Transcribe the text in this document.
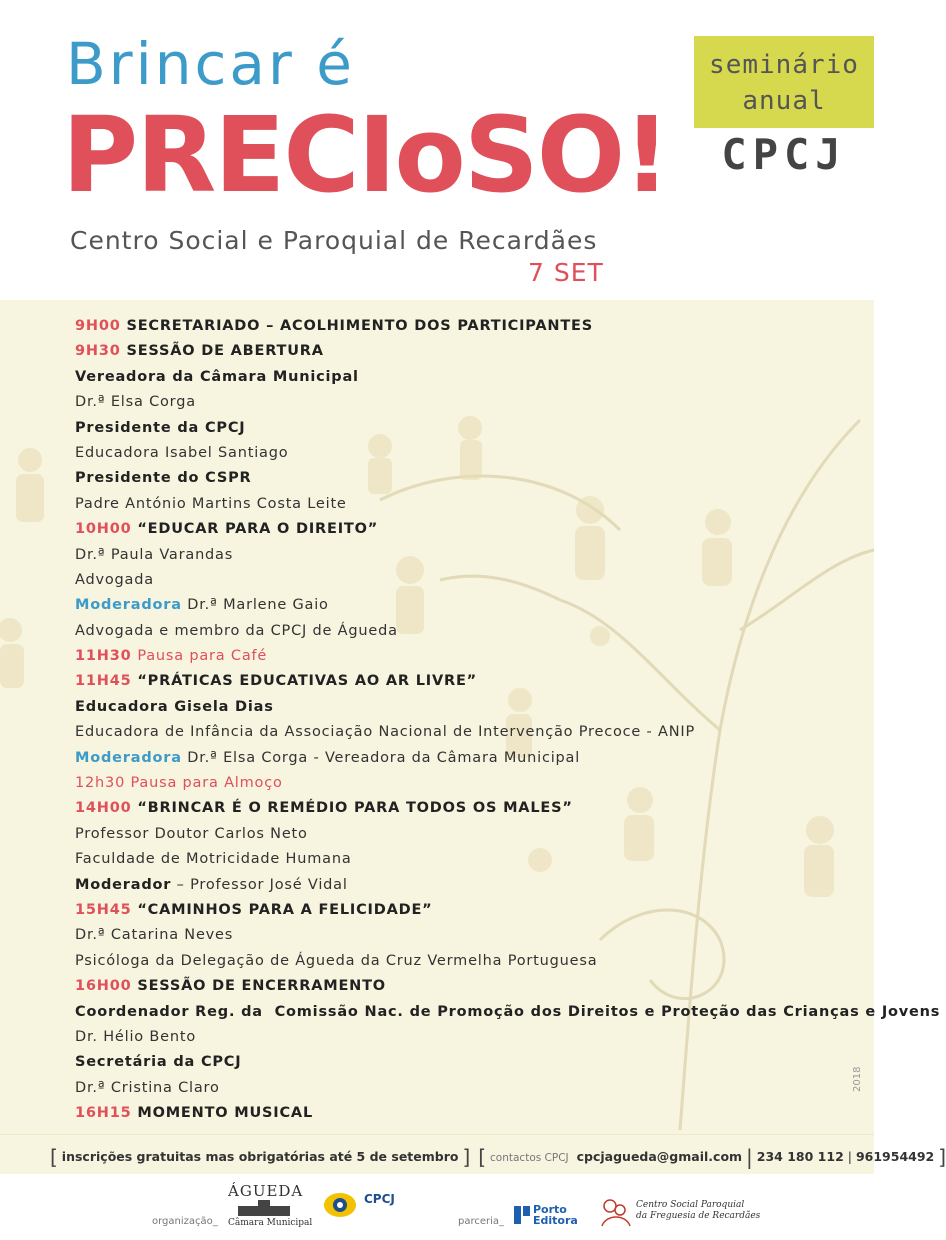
Brincar é
PRECIoSO!
Centro Social e Paroquial de Recardães
7 SET
seminário
anual
CPCJ
9H00 SECRETARIADO – ACOLHIMENTO DOS PARTICIPANTES
9H30 SESSÃO DE ABERTURA
Vereadora da Câmara Municipal
Dr.ª Elsa Corga
Presidente da CPCJ
Educadora Isabel Santiago
Presidente do CSPR
Padre António Martins Costa Leite
10H00 “EDUCAR PARA O DIREITO”
Dr.ª Paula Varandas
Advogada
Moderadora Dr.ª Marlene Gaio
Advogada e membro da CPCJ de Águeda
11H30 Pausa para Café
11H45 “PRÁTICAS EDUCATIVAS AO AR LIVRE”
Educadora Gisela Dias
Educadora de Infância da Associação Nacional de Intervenção Precoce - ANIP
Moderadora Dr.ª Elsa Corga - Vereadora da Câmara Municipal
12h30 Pausa para Almoço
14H00 “BRINCAR É O REMÉDIO PARA TODOS OS MALES”
Professor Doutor Carlos Neto
Faculdade de Motricidade Humana
Moderador – Professor José Vidal
15H45 “CAMINHOS PARA A FELICIDADE”
Dr.ª Catarina Neves
Psicóloga da Delegação de Águeda da Cruz Vermelha Portuguesa
16H00 SESSÃO DE ENCERRAMENTO
Coordenador Reg. da  Comissão Nac. de Promoção dos Direitos e Proteção das Crianças e Jovens
Dr. Hélio Bento
Secretária da CPCJ
Dr.ª Cristina Claro
16H15 MOMENTO MUSICAL
2018
[ inscrições gratuitas mas obrigatórias até 5 de setembro ] [ contactos CPCJ cpcjagueda@gmail.com | 234 180 112 | 961954492 ]
organização_
ÁGUEDA
Câmara Municipal
CPCJ
parceria_
Porto
Editora
Centro Social Paroquial
da Freguesia de Recardães
